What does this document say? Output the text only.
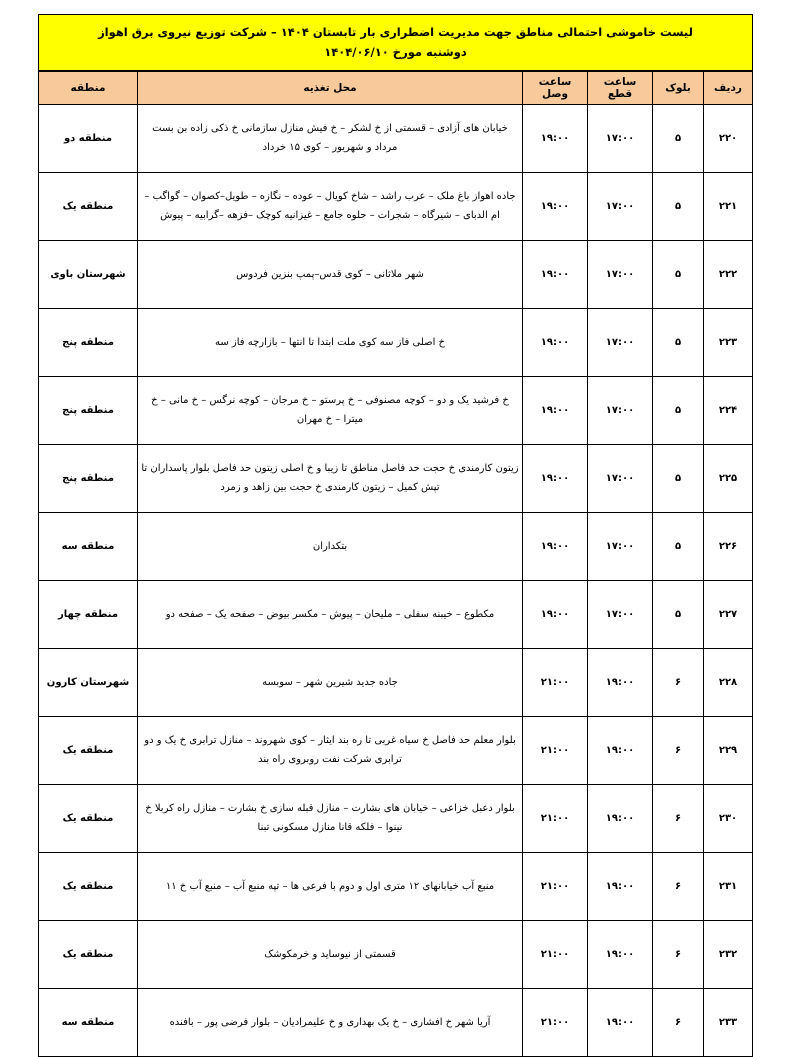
لیست خاموشی احتمالی مناطق جهت مدیریت اضطراری بار تابستان ۱۴۰۴ – شرکت توزیع نیروی برق اهواز
دوشنبه مورخ ۱۴۰۴/۰۶/۱۰
ردیف	بلوک	ساعت قطع	ساعت وصل	محل تغذیه	منطقه
۲۲۰	۵	۱۷:۰۰	۱۹:۰۰	خیابان های آزادی – قسمتی از خ لشکر – خ فیش منازل سازمانی خ ذکی زاده بن بست مرداد و شهریور – کوی ۱۵ خرداد	منطقه دو
۲۲۱	۵	۱۷:۰۰	۱۹:۰۰	جاده اهواز باغ ملک – عرب راشد – شاخ کویال – عوده – نگازه – طویل–کصوان – گواگب – ام الدبای – شیرگاه – شجرات – حلوه جامع – غیزانیه کوچک –فزهه –گرابیه – پیوش	منطقه یک
۲۲۲	۵	۱۷:۰۰	۱۹:۰۰	شهر ملاثانی – کوی قدس–پمپ بنزین فردوس	شهرستان باوی
۲۲۳	۵	۱۷:۰۰	۱۹:۰۰	خ اصلی فاز سه کوی ملت ابتدا تا انتها – بازارچه فاز سه	منطقه پنج
۲۲۴	۵	۱۷:۰۰	۱۹:۰۰	خ فرشید یک و دو – کوچه مصنوفی – خ پرستو – خ مرجان – کوچه نرگس – خ مانی – خ میترا – خ مهران	منطقه پنج
۲۲۵	۵	۱۷:۰۰	۱۹:۰۰	زیتون کارمندی خ حجت حد فاصل مناطق تا زیبا و خ اصلی زیتون حد فاصل بلوار پاسداران تا تپش کمیل – زیتون کارمندی خ حجت بین زاهد و زمرد	منطقه پنج
۲۲۶	۵	۱۷:۰۰	۱۹:۰۰	بتکداران	منطقه سه
۲۲۷	۵	۱۷:۰۰	۱۹:۰۰	مکطوع – خیبنه سفلی – ملیحان – پیوش – مکسر بیوض – صفحه یک – صفحه دو	منطقه چهار
۲۲۸	۶	۱۹:۰۰	۲۱:۰۰	جاده جدید شیرین شهر – سوبسه	شهرستان کارون
۲۲۹	۶	۱۹:۰۰	۲۱:۰۰	بلوار معلم حد فاصل خ سیاه غربی تا ره بند ایثار – کوی شهروند – منازل ترابری خ یک و دو ترابری شرکت نفت روبروی راه بند	منطقه یک
۲۳۰	۶	۱۹:۰۰	۲۱:۰۰	بلوار دعبل خزاعی – خیابان های بشارت – منازل قبله سازی خ بشارت – منازل راه کربلا خ نینوا – فلکه قانا منازل مسکونی تبنا	منطقه یک
۲۳۱	۶	۱۹:۰۰	۲۱:۰۰	منبع آب خیابانهای ۱۲ متری اول و دوم با فرعی ها – تپه منبع آب – منبع آب خ ۱۱	منطقه یک
۲۳۲	۶	۱۹:۰۰	۲۱:۰۰	قسمتی از نیوساید و خرمکوشک	منطقه یک
۲۳۳	۶	۱۹:۰۰	۲۱:۰۰	آریا شهر خ افشاری – خ یک بهداری و خ علیمرادیان – بلوار فرضی پور – بافنده	منطقه سه
